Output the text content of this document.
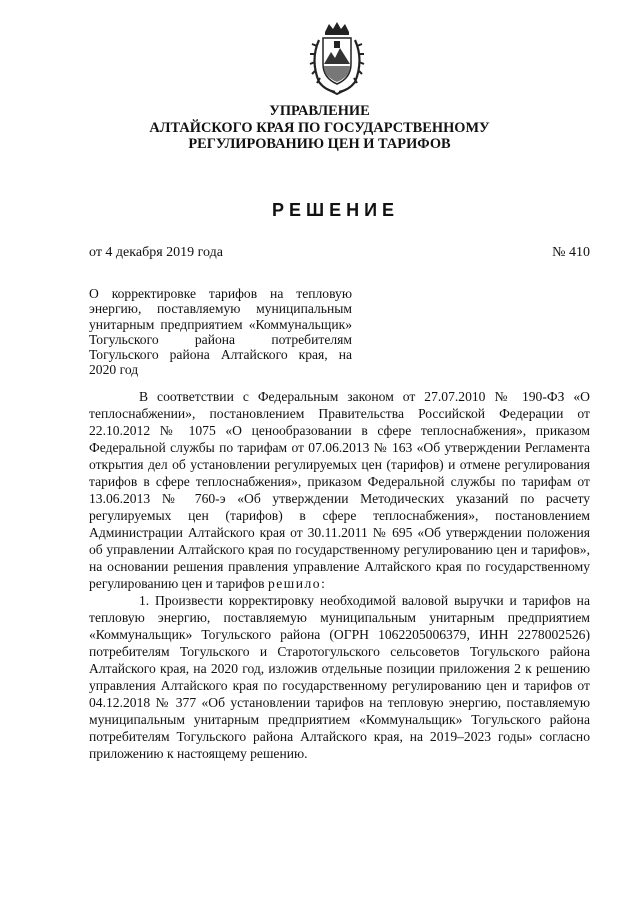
УПРАВЛЕНИЕ
АЛТАЙСКОГО КРАЯ ПО ГОСУДАРСТВЕННОМУ
РЕГУЛИРОВАНИЮ ЦЕН И ТАРИФОВ
РЕШЕНИЕ
от 4 декабря 2019 года	№ 410
О корректировке тарифов на тепловую энергию, поставляемую муниципальным унитарным предприятием «Коммунальщик» Тогульского района потребителям Тогульского района Алтайского края, на 2020 год

В соответствии с Федеральным законом от 27.07.2010 № 190-ФЗ «О теплоснабжении», постановлением Правительства Российской Федерации от 22.10.2012 № 1075 «О ценообразовании в сфере теплоснабжения», приказом Федеральной службы по тарифам от 07.06.2013 № 163 «Об утверждении Регламента открытия дел об установлении регулируемых цен (тарифов) и отмене регулирования тарифов в сфере теплоснабжения», приказом Федеральной службы по тарифам от 13.06.2013 № 760-э «Об утверждении Методических указаний по расчету регулируемых цен (тарифов) в сфере теплоснабжения», постановлением Администрации Алтайского края от 30.11.2011 № 695 «Об утверждении положения об управлении Алтайского края по государственному регулированию цен и тарифов», на основании решения правления управление Алтайского края по государственному регулированию цен и тарифов решило:

1. Произвести корректировку необходимой валовой выручки и тарифов на тепловую энергию, поставляемую муниципальным унитарным предприятием «Коммунальщик» Тогульского района (ОГРН 1062205006379, ИНН 2278002526) потребителям Тогульского и Старотогульского сельсоветов Тогульского района Алтайского края, на 2020 год, изложив отдельные позиции приложения 2 к решению управления Алтайского края по государственному регулированию цен и тарифов от 04.12.2018 № 377 «Об установлении тарифов на тепловую энергию, поставляемую муниципальным унитарным предприятием «Коммунальщик» Тогульского района потребителям Тогульского района Алтайского края, на 2019–2023 годы» согласно приложению к настоящему решению.
